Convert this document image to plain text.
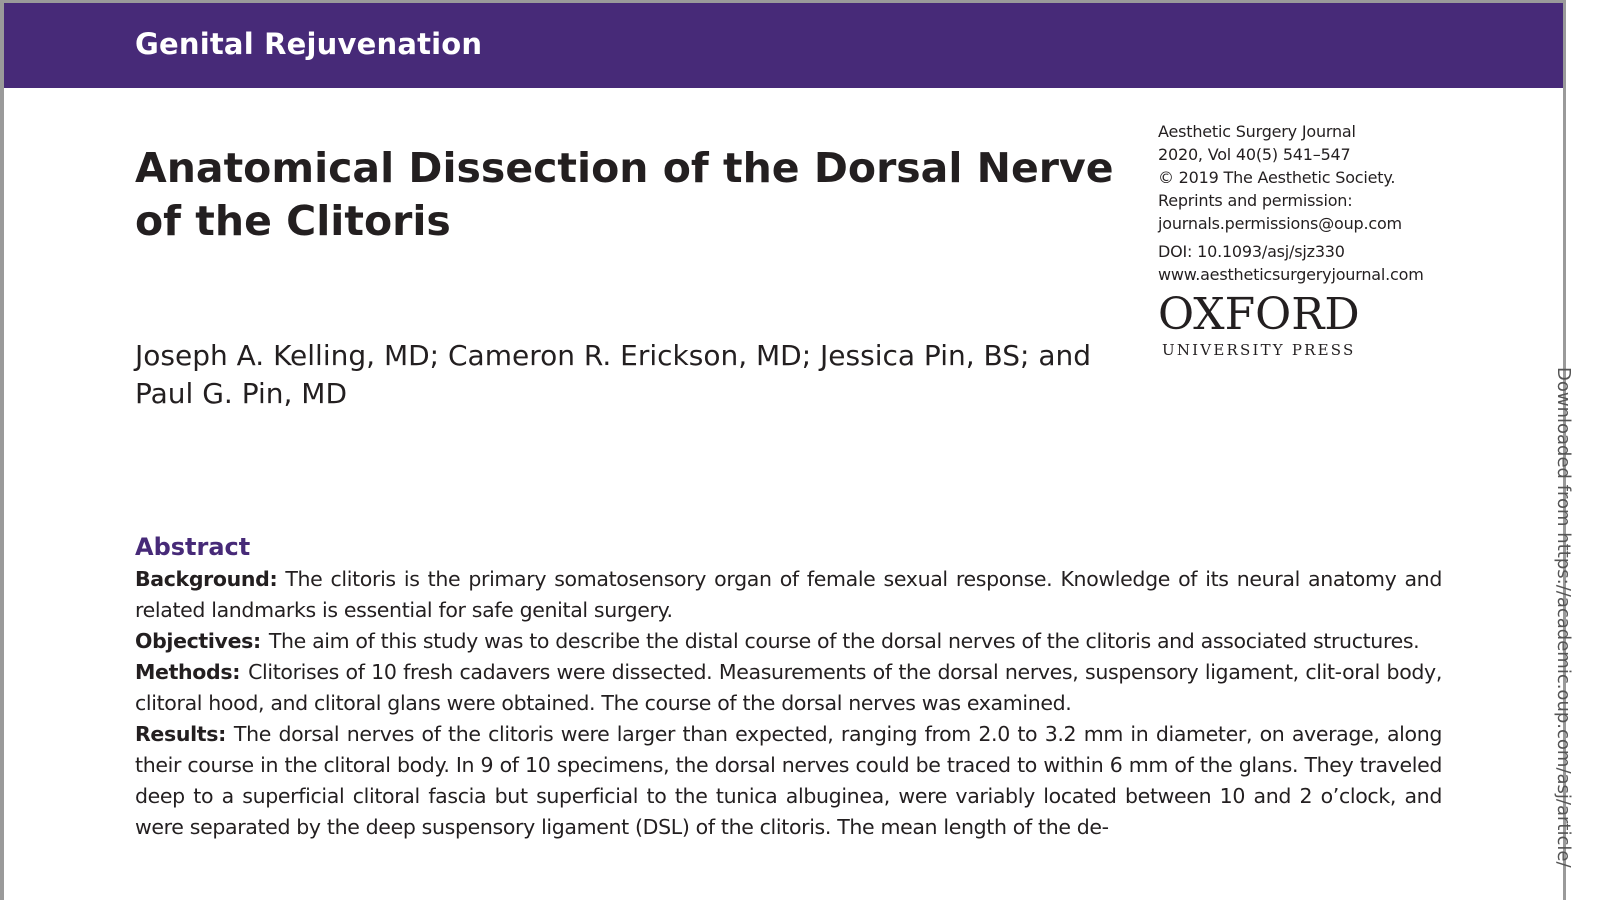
Genital Rejuvenation
Anatomical Dissection of the Dorsal Nerve of the Clitoris
Joseph A. Kelling, MD; Cameron R. Erickson, MD; Jessica Pin, BS; and
Paul G. Pin, MD
Aesthetic Surgery Journal
2020, Vol 40(5) 541–547
© 2019 The Aesthetic Society.
Reprints and permission:
journals.permissions@oup.com
DOI: 10.1093/asj/sjz330
www.aestheticsurgeryjournal.com
OXFORD
UNIVERSITY PRESS
Abstract

Background: The clitoris is the primary somatosensory organ of female sexual response. Knowledge of its neural anatomy and related landmarks is essential for safe genital surgery.

Objectives: The aim of this study was to describe the distal course of the dorsal nerves of the clitoris and associated structures.

Methods: Clitorises of 10 fresh cadavers were dissected. Measurements of the dorsal nerves, suspensory ligament, clit-oral body, clitoral hood, and clitoral glans were obtained. The course of the dorsal nerves was examined.

Results: The dorsal nerves of the clitoris were larger than expected, ranging from 2.0 to 3.2 mm in diameter, on average, along their course in the clitoral body. In 9 of 10 specimens, the dorsal nerves could be traced to within 6 mm of the glans. They traveled deep to a superficial clitoral fascia but superficial to the tunica albuginea, were variably located between 10 and 2 o’clock, and were separated by the deep suspensory ligament (DSL) of the clitoris. The mean length of the de-	Downloaded from https://academic.oup.com/asj/article/
